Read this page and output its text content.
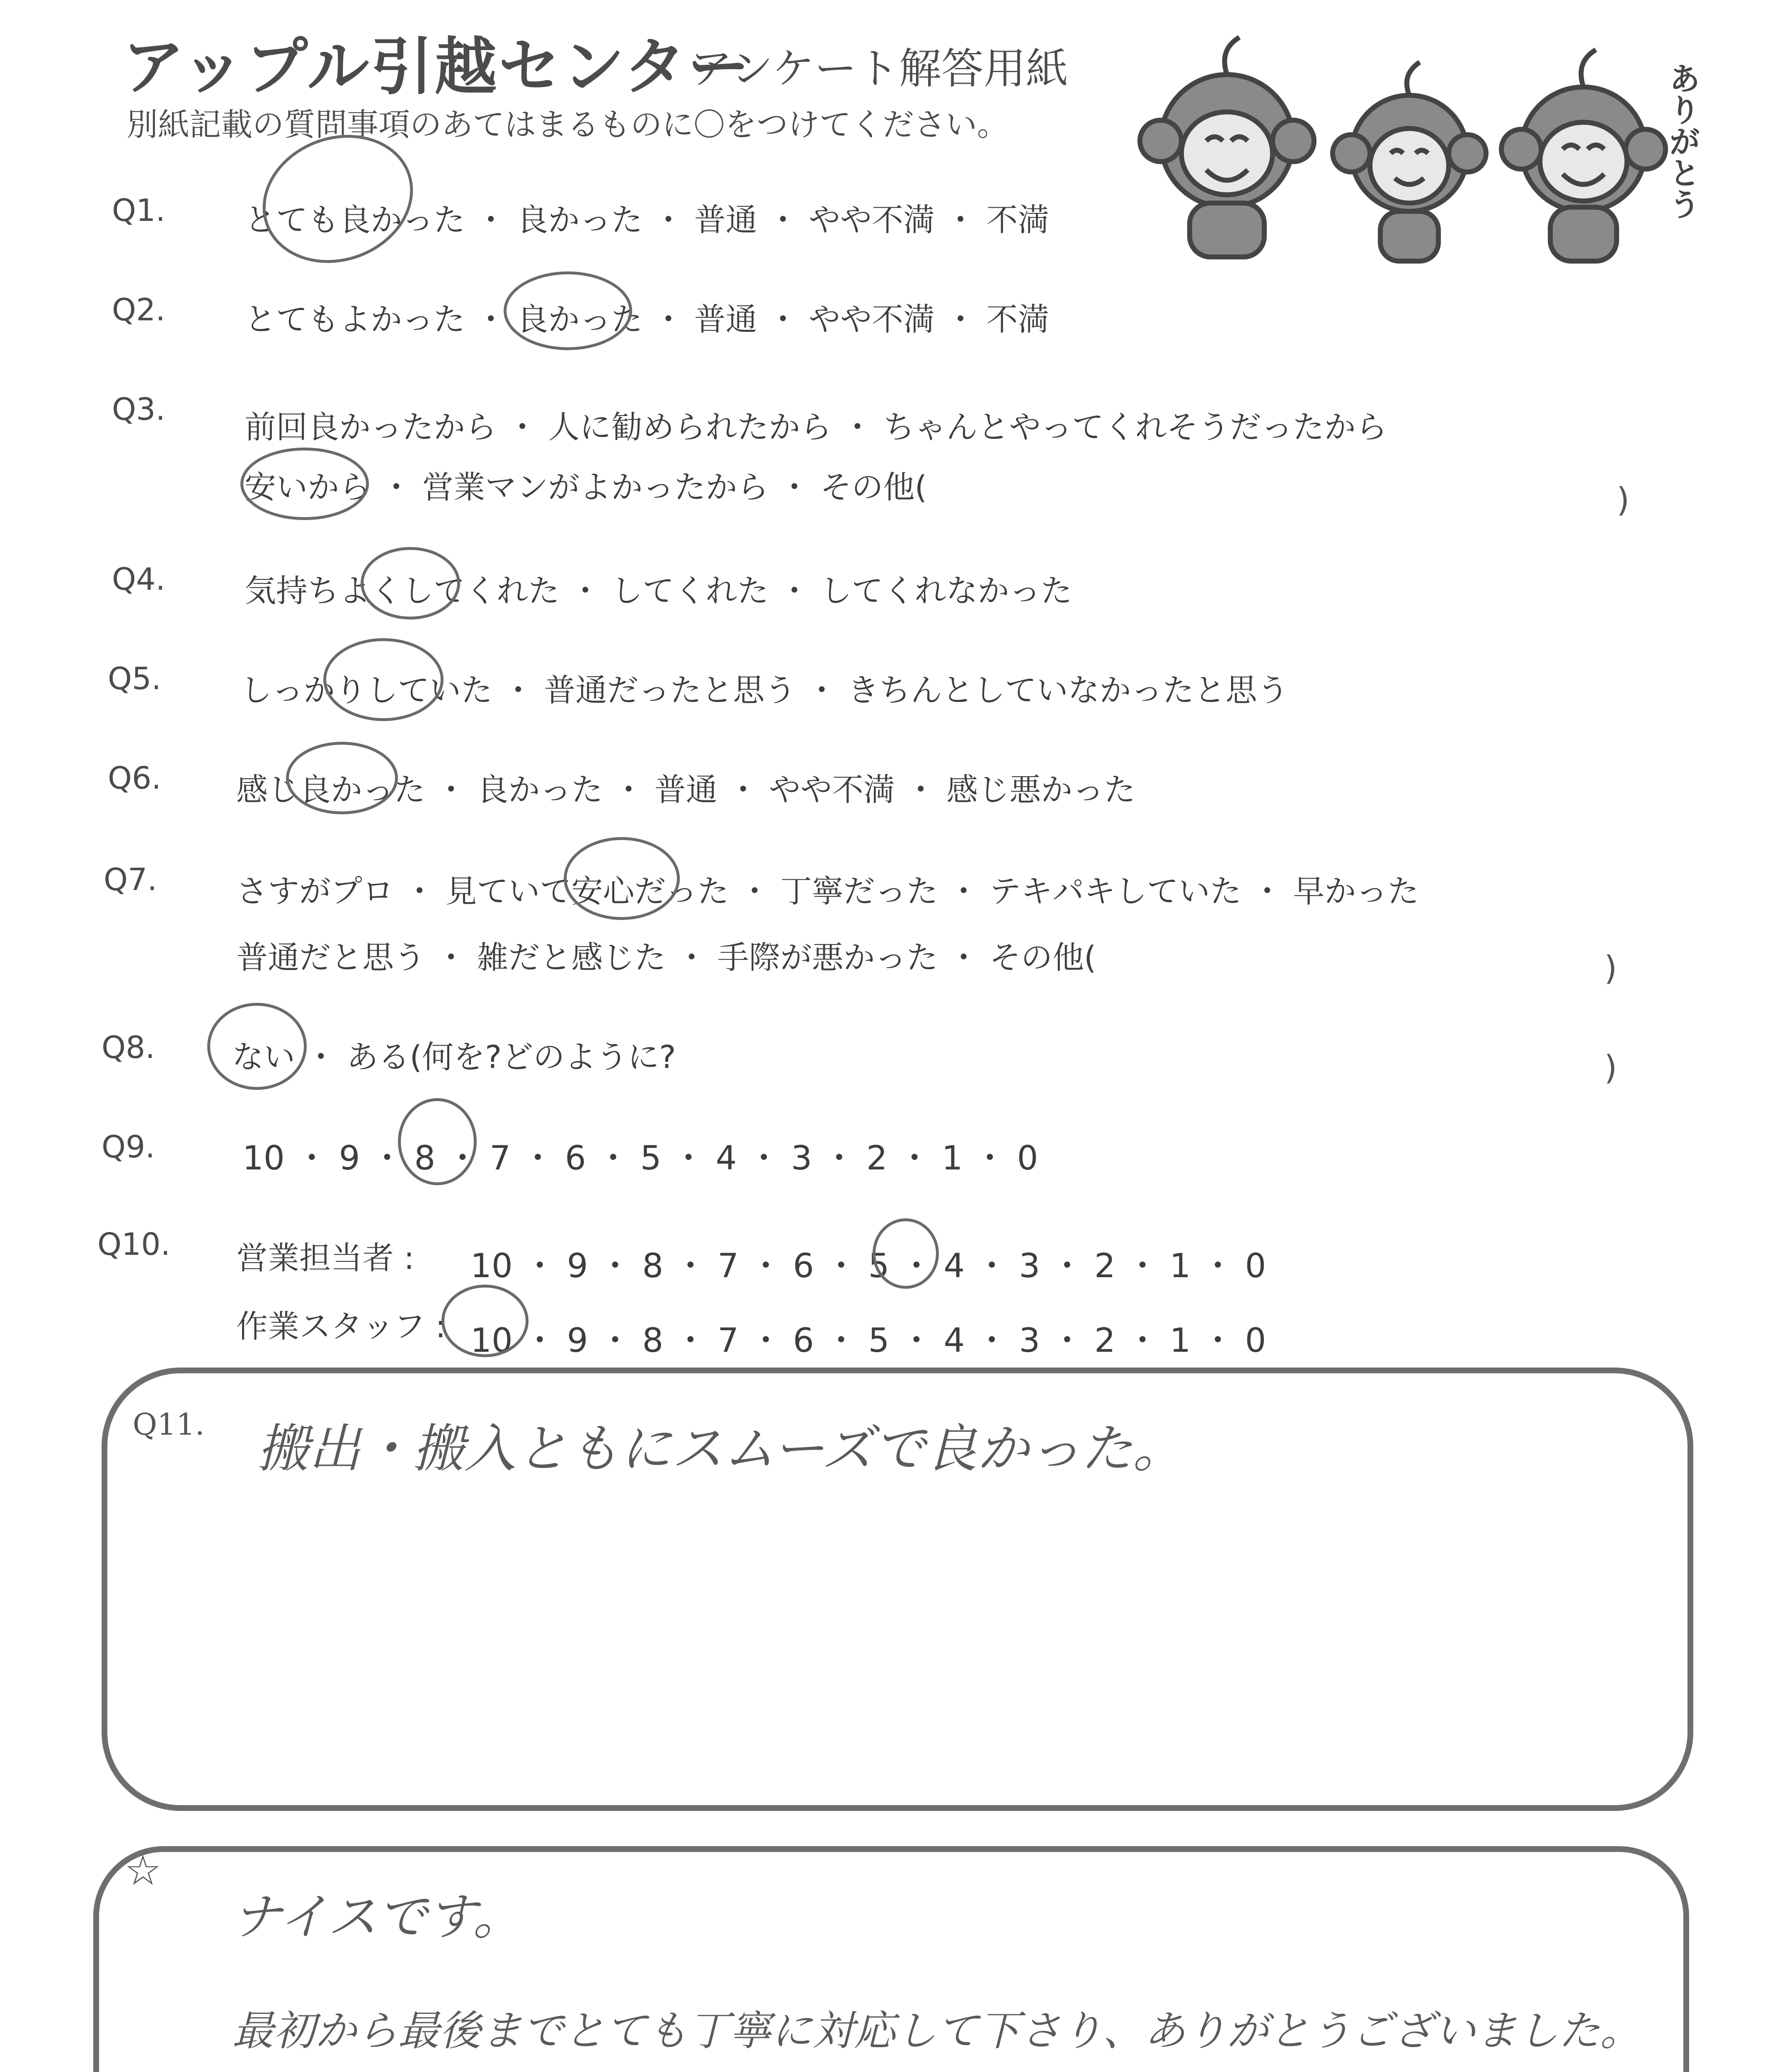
アップル引越センター
アンケート解答用紙
別紙記載の質問事項のあてはまるものに〇をつけてください。	ありがとう
Q1.	とても良かった ・ 良かった ・ 普通 ・ やや不満 ・ 不満
Q2.	とてもよかった ・ 良かった ・ 普通 ・ やや不満 ・ 不満
Q3.	前回良かったから ・ 人に勧められたから ・ ちゃんとやってくれそうだったから
安いから ・ 営業マンがよかったから ・ その他(	)
Q4.	気持ちよくしてくれた ・ してくれた ・ してくれなかった
Q5.	しっかりしていた ・ 普通だったと思う ・ きちんとしていなかったと思う
Q6. 感じ良かった ・ 良かった ・ 普通 ・ やや不満 ・ 感じ悪かった
Q7.	さすがプロ ・ 見ていて安心だった ・ 丁寧だった ・ テキパキしていた ・ 早かった
普通だと思う ・ 雑だと感じた ・ 手際が悪かった ・ その他(	)
Q8. ない ・ ある(何を?どのように?	)
Q9.	10 ・ 9 ・ 8 ・ 7 ・ 6 ・ 5 ・ 4 ・ 3 ・ 2 ・ 1 ・ 0
Q10. 営業担当者 : 10 ・ 9 ・ 8 ・ 7 ・ 6 ・ 5 ・ 4 ・ 3 ・ 2 ・ 1 ・ 0
作業スタッフ : 10 ・ 9 ・ 8 ・ 7 ・ 6 ・ 5 ・ 4 ・ 3 ・ 2 ・ 1 ・ 0
Q11. 搬出・搬入ともにスムーズで良かった。
☆
ナイスです。
最初から最後までとても丁寧に対応して下さり、ありがとうございました。
